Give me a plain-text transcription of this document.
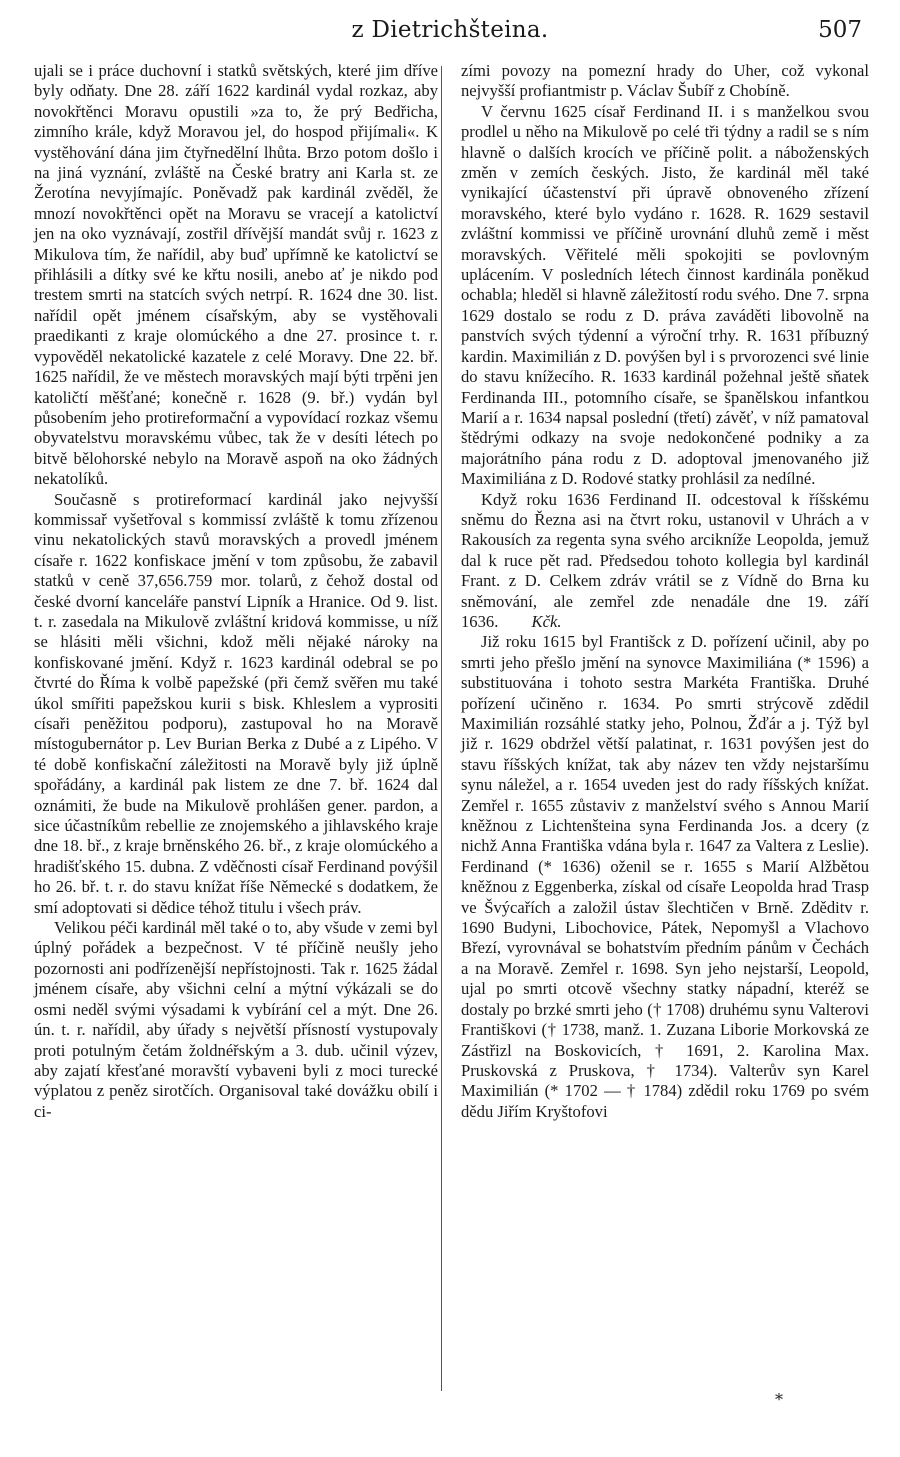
z Dietrichšteina.	507

ujali se i práce duchovní i statků světských, které jim dříve byly odňaty. Dne 28. září 1622 kardinál vydal rozkaz, aby novokřtěnci Moravu opustili »za to, že prý Bedřicha, zimního krále, když Moravou jel, do hospod přijímali«. K vystěhování dána jim čtyřnedělní lhůta. Brzo potom došlo i na jiná vyznání, zvláště na České bratry ani Karla st. ze Žerotína nevyjímajíc. Poněvadž pak kardinál zvěděl, že mnozí novokřtěnci opět na Moravu se vracejí a katolictví jen na oko vyznávají, zostřil dřívější mandát svůj r. 1623 z Mikulova tím, že nařídil, aby buď upřímně ke katolictví se přihlásili a dítky své ke křtu nosili, anebo ať je nikdo pod trestem smrti na statcích svých netrpí. R. 1624 dne 30. list. nařídil opět jménem císařským, aby se vystěhovali praedikanti z kraje olomúckého a dne 27. prosince t. r. vypověděl nekatolické kazatele z celé Moravy. Dne 22. bř. 1625 nařídil, že ve městech moravských mají býti trpěni jen katoličtí měšťané; konečně r. 1628 (9. bř.) vydán byl působením jeho protireformační a vypovídací rozkaz všemu obyvatelstvu moravskému vůbec, tak že v desíti létech po bitvě bělohorské nebylo na Moravě aspoň na oko žádných nekatolíků.

Současně s protireformací kardinál jako nejvyšší kommissař vyšetřoval s kommissí zvláště k tomu zřízenou vinu nekatolických stavů moravských a provedl jménem císaře r. 1622 konfiskace jmění v tom způsobu, že zabavil statků v ceně 37,656.759 mor. tolarů, z čehož dostal od české dvorní kanceláře panství Lipník a Hranice. Od 9. list. t. r. zasedala na Mikulově zvláštní kridová kommisse, u níž se hlásiti měli všichni, kdož měli nějaké nároky na konfiskované jmění. Když r. 1623 kardinál odebral se po čtvrté do Říma k volbě papežské (při čemž svěřen mu také úkol smířiti papežskou kurii s bisk. Khleslem a vyprositi císaři peněžitou podporu), zastupoval ho na Moravě místogubernátor p. Lev Burian Berka z Dubé a z Lipého. V té době konfiskační záležitosti na Moravě byly již úplně spořádány, a kardinál pak listem ze dne 7. bř. 1624 dal oznámiti, že bude na Mikulově prohlášen gener. pardon, a sice účastníkům rebellie ze znojemského a jihlavského kraje dne 18. bř., z kraje brněnského 26. bř., z kraje olomúckého a hradišťského 15. dubna. Z vděčnosti císař Ferdinand povýšil ho 26. bř. t. r. do stavu knížat říše Německé s dodatkem, že smí adoptovati si dědice téhož titulu i všech práv.

Velikou péči kardinál měl také o to, aby všude v zemi byl úplný pořádek a bezpečnost. V té příčině neušly jeho pozornosti ani podřízenější nepřístojnosti. Tak r. 1625 žádal jménem císaře, aby všichni celní a mýtní výkázali se do osmi neděl svými výsadami k vybírání cel a mýt. Dne 26. ún. t. r. nařídil, aby úřady s největší přísností vystupovaly proti potulným četám žoldnéřským a 3. dub. učinil výzev, aby zajatí křesťané moravští vybaveni byli z moci turecké výplatou z peněz sirotčích. Organisoval také dovážku obilí i ci-

zími povozy na pomezní hrady do Uher, což vykonal nejvyšší profiantmistr p. Václav Šubíř z Chobíně.

V červnu 1625 císař Ferdinand II. i s manželkou svou prodlel u něho na Mikulově po celé tři týdny a radil se s ním hlavně o dalších krocích ve příčině polit. a náboženských změn v zemích českých. Jisto, že kardinál měl také vynikající účastenství při úpravě obnoveného zřízení moravského, které bylo vydáno r. 1628. R. 1629 sestavil zvláštní kommissi ve příčině urovnání dluhů země i měst moravských. Věřitelé měli spokojiti se povlovným uplácením. V posledních létech činnost kardinála poněkud ochabla; hleděl si hlavně záležitostí rodu svého. Dne 7. srpna 1629 dostalo se rodu z D. práva zaváděti libovolně na panstvích svých týdenní a výroční trhy. R. 1631 příbuzný kardin. Maximilián z D. povýšen byl i s prvorozenci své linie do stavu knížecího. R. 1633 kardinál požehnal ještě sňatek Ferdinanda III., potomního císaře, se španělskou infantkou Marií a r. 1634 napsal poslední (třetí) závěť, v níž pamatoval štědrými odkazy na svoje nedokončené podniky a za majorátního pána rodu z D. adoptoval jmenovaného již Maximiliána z D. Rodové statky prohlásil za nedílné.

Když roku 1636 Ferdinand II. odcestoval k říšskému sněmu do Řezna asi na čtvrt roku, ustanovil v Uhrách a v Rakousích za regenta syna svého arcikníže Leopolda, jemuž dal k ruce pět rad. Předsedou tohoto kollegia byl kardinál Frant. z D. Celkem zdráv vrátil se z Vídně do Brna ku sněmování, ale zemřel zde nenadále dne 19. září 1636. Kčk.

Již roku 1615 byl Františck z D. pořízení učinil, aby po smrti jeho přešlo jmění na synovce Maximiliána (* 1596) a substituována i tohoto sestra Markéta Františka. Druhé pořízení učiněno r. 1634. Po smrti strýcově zdědil Maximilián rozsáhlé statky jeho, Polnou, Žďár a j. Týž byl již r. 1629 obdržel větší palatinat, r. 1631 povýšen jest do stavu říšských knížat, tak aby název ten vždy nejstaršímu synu náležel, a r. 1654 uveden jest do rady říšských knížat. Zemřel r. 1655 zůstaviv z manželství svého s Annou Marií kněžnou z Lichtenšteina syna Ferdinanda Jos. a dcery (z nichž Anna Františka vdána byla r. 1647 za Valtera z Leslie). Ferdinand (* 1636) oženil se r. 1655 s Marií Alžbětou kněžnou z Eggenberka, získal od císaře Leopolda hrad Trasp ve Švýcařích a založil ústav šlechtičen v Brně. Zděditv r. 1690 Budyni, Libochovice, Pátek, Nepomyšl a Vlachovo Březí, vyrovnával se bohatstvím předním pánům v Čechách a na Moravě. Zemřel r. 1698. Syn jeho nejstarší, Leopold, ujal po smrti otcově všechny statky nápadní, kteréž se dostaly po brzké smrti jeho († 1708) druhému synu Valterovi Františkovi († 1738, manž. 1. Zuzana Liborie Morkovská ze Zástřizl na Boskovicích, † 1691, 2. Karolina Max. Pruskovská z Pruskova, † 1734). Valterův syn Karel Maximilián (* 1702 — † 1784) zdědil roku 1769 po svém dědu Jiřím Kryštofovi

*
